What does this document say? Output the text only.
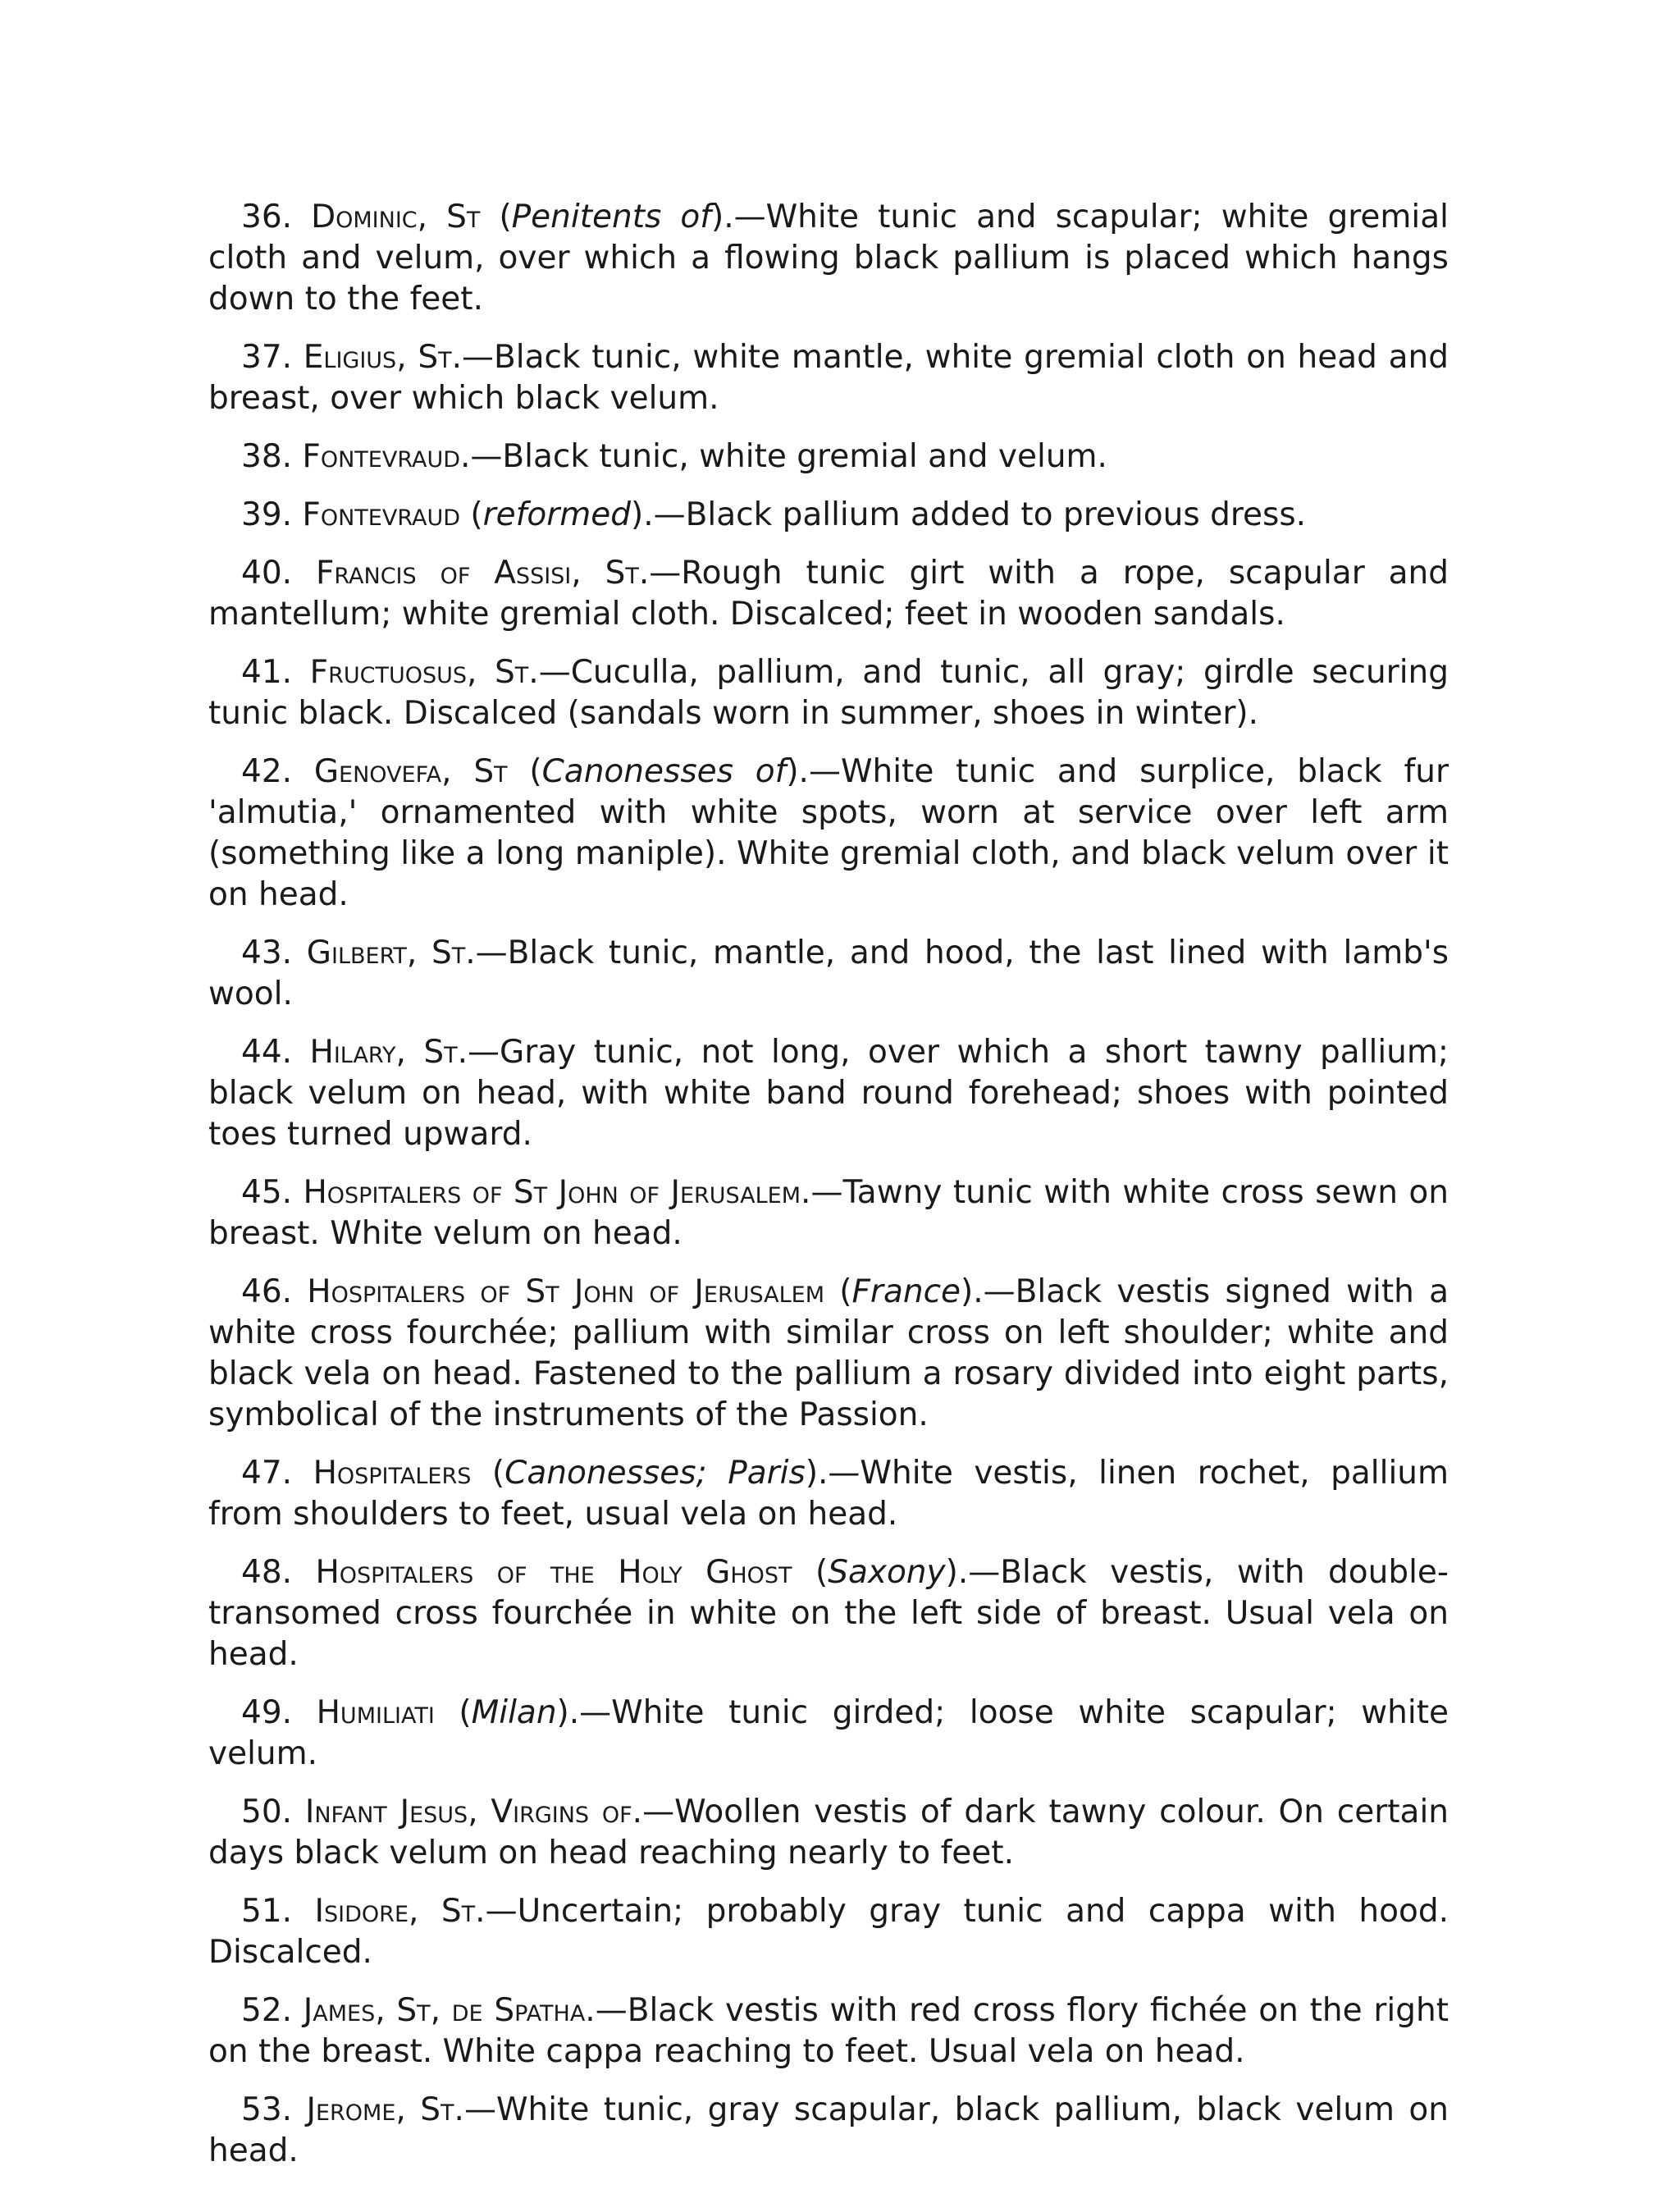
36. Dominic, St (Penitents of).—White tunic and scapular; white gremial cloth and velum, over which a flowing black pallium is placed which hangs down to the feet.

37. Eligius, St.—Black tunic, white mantle, white gremial cloth on head and breast, over which black velum.

38. Fontevraud.—Black tunic, white gremial and velum.

39. Fontevraud (reformed).—Black pallium added to previous dress.

40. Francis of Assisi, St.—Rough tunic girt with a rope, scapular and mantellum; white gremial cloth. Discalced; feet in wooden sandals.

41. Fructuosus, St.—Cuculla, pallium, and tunic, all gray; girdle securing tunic black. Discalced (sandals worn in summer, shoes in winter).

42. Genovefa, St (Canonesses of).—White tunic and surplice, black fur 'almutia,' ornamented with white spots, worn at service over left arm (something like a long maniple). White gremial cloth, and black velum over it on head.

43. Gilbert, St.—Black tunic, mantle, and hood, the last lined with lamb's wool.

44. Hilary, St.—Gray tunic, not long, over which a short tawny pallium; black velum on head, with white band round forehead; shoes with pointed toes turned upward.

45. Hospitalers of St John of Jerusalem.—Tawny tunic with white cross sewn on breast. White velum on head.

46. Hospitalers of St John of Jerusalem (France).—Black vestis signed with a white cross fourchée; pallium with similar cross on left shoulder; white and black vela on head. Fastened to the pallium a rosary divided into eight parts, symbolical of the instruments of the Passion.

47. Hospitalers (Canonesses; Paris).—White vestis, linen rochet, pallium from shoulders to feet, usual vela on head.

48. Hospitalers of the Holy Ghost (Saxony).—Black vestis, with double-transomed cross fourchée in white on the left side of breast. Usual vela on head.

49. Humiliati (Milan).—White tunic girded; loose white scapular; white velum.

50. Infant Jesus, Virgins of.—Woollen vestis of dark tawny colour. On certain days black velum on head reaching nearly to feet.

51. Isidore, St.—Uncertain; probably gray tunic and cappa with hood. Discalced.

52. James, St, de Spatha.—Black vestis with red cross flory fichée on the right on the breast. White cappa reaching to feet. Usual vela on head.

53. Jerome, St.—White tunic, gray scapular, black pallium, black velum on head.
